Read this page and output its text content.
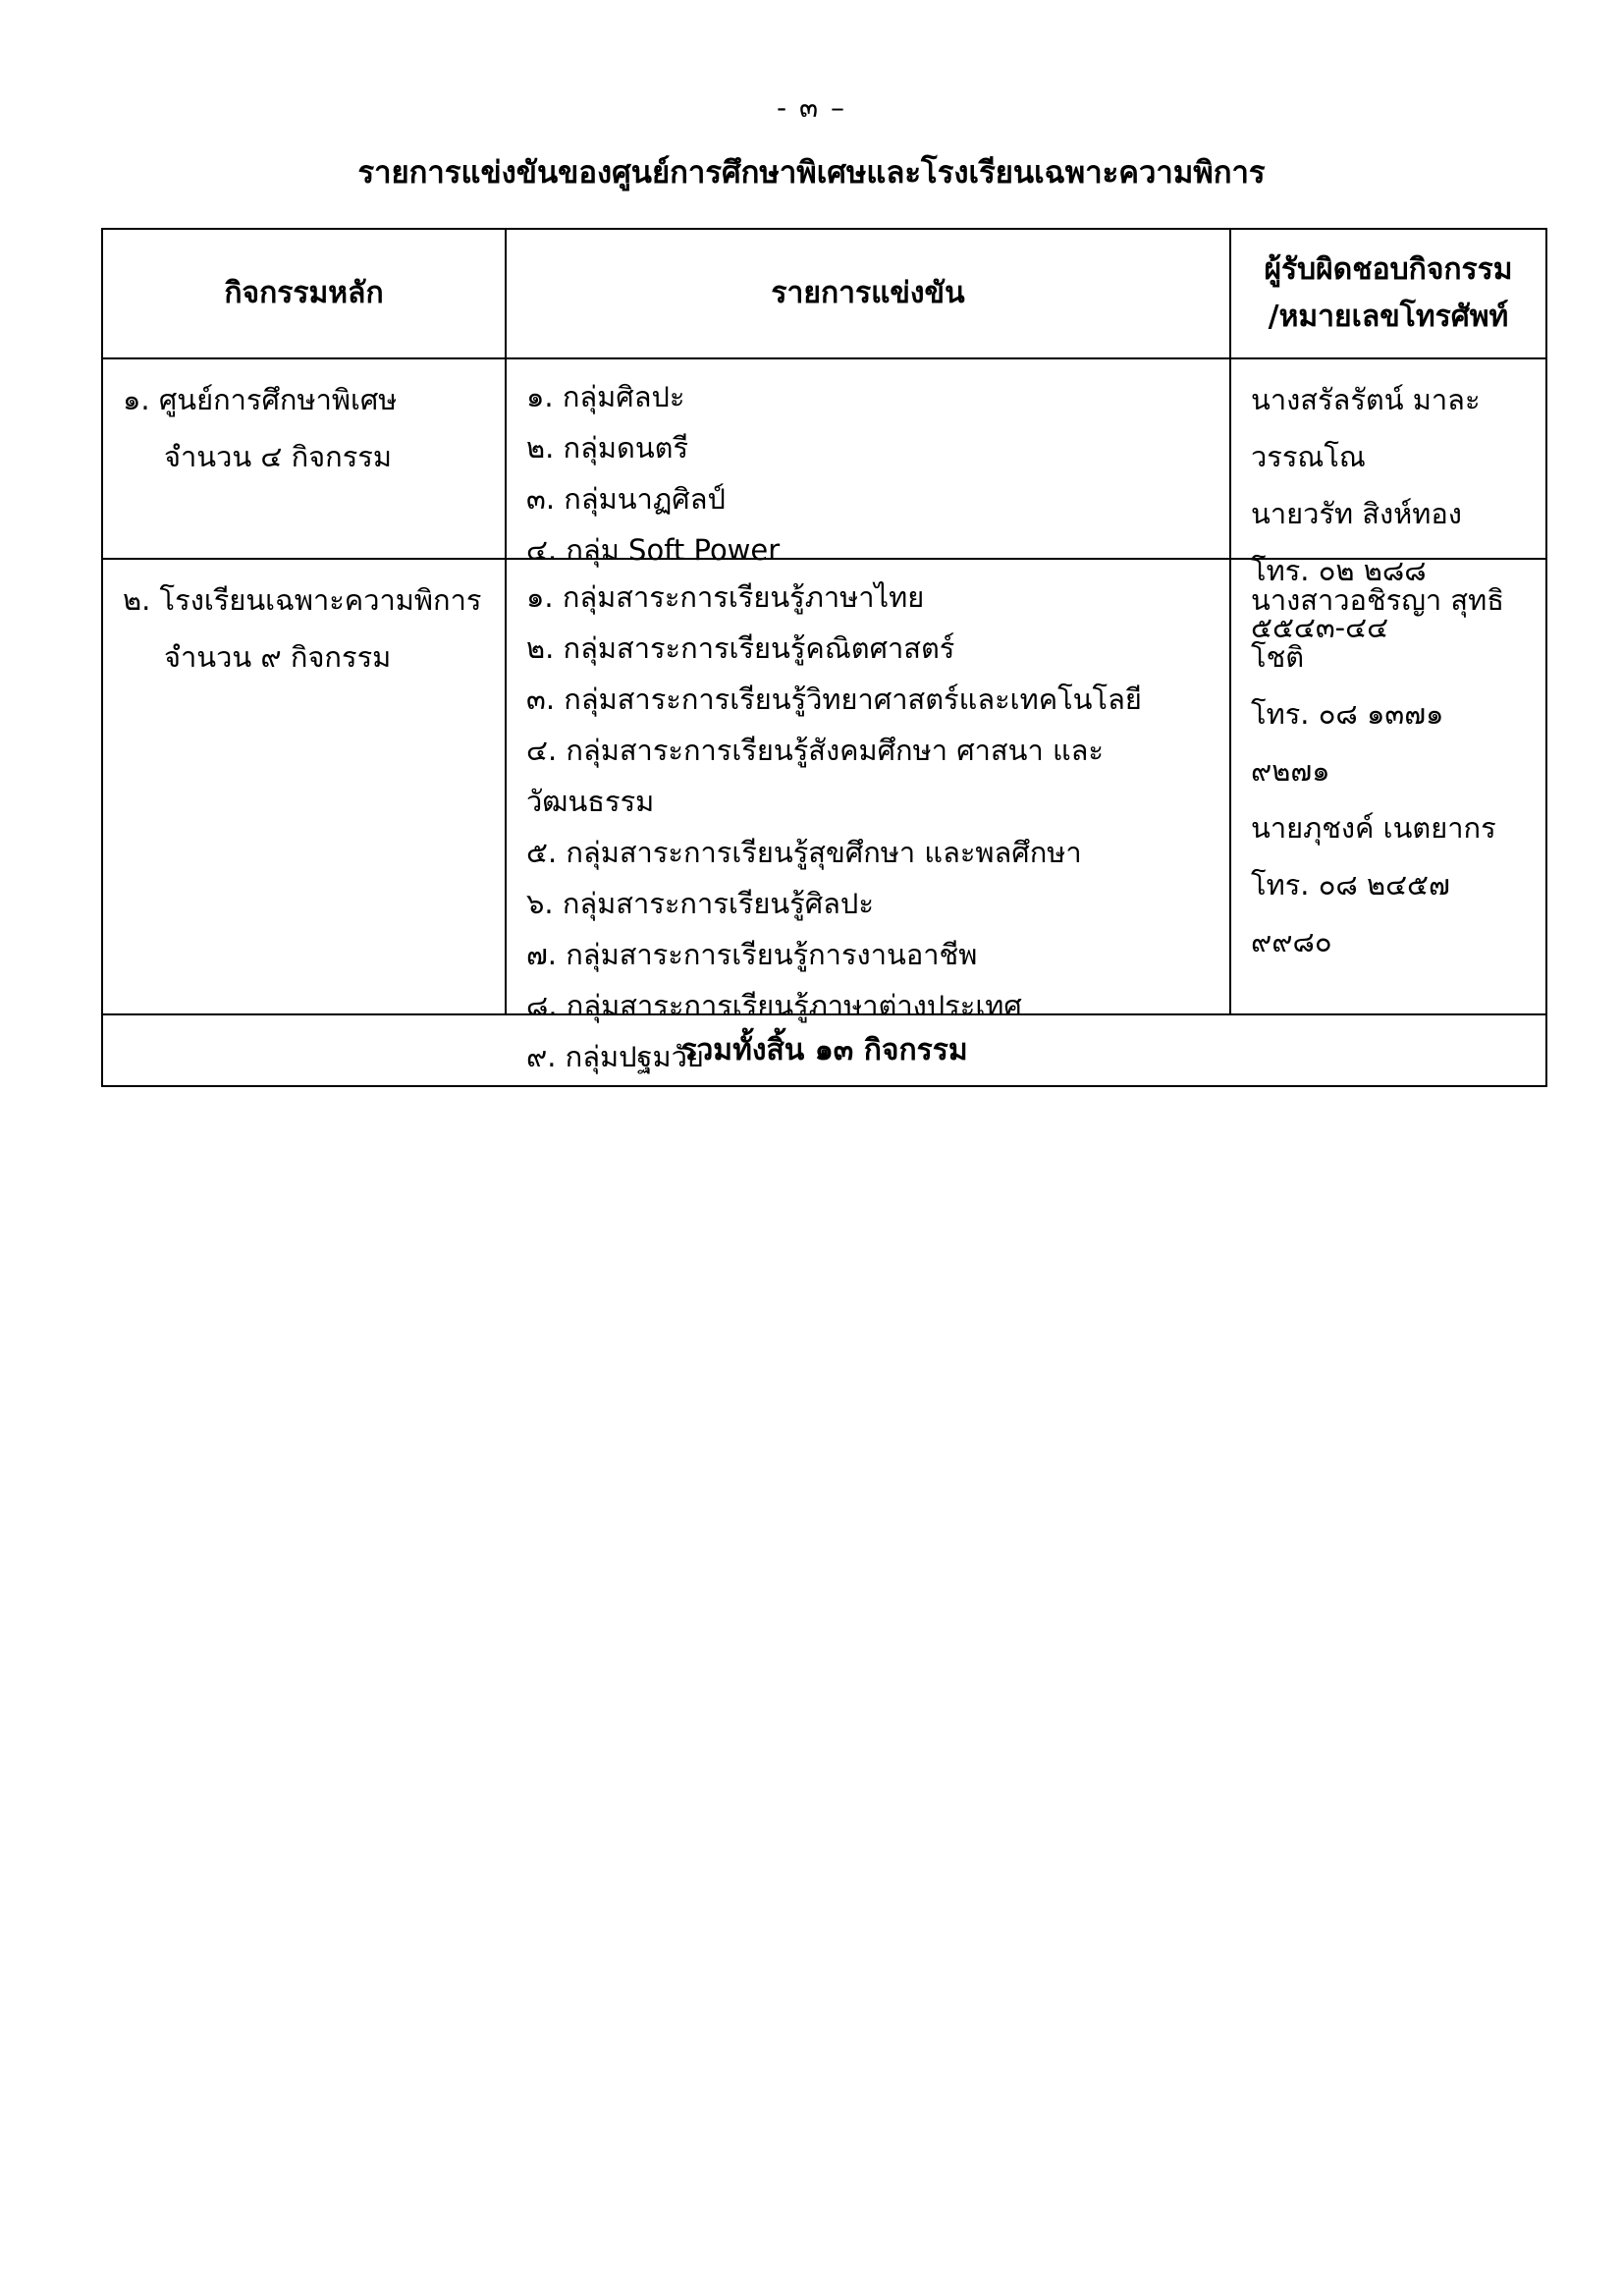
- ๓ –
รายการแข่งขันของศูนย์การศึกษาพิเศษและโรงเรียนเฉพาะความพิการ
กิจกรรมหลัก	รายการแข่งขัน
ผู้รับผิดชอบกิจกรรม
/หมายเลขโทรศัพท์
๑. ศูนย์การศึกษาพิเศษ
จำนวน ๔ กิจกรรม
๑. กลุ่มศิลปะ
๒. กลุ่มดนตรี
๓. กลุ่มนาฏศิลป์
๔. กลุ่ม Soft Power
นางสรัลรัตน์ มาละวรรณโณ
นายวรัท สิงห์ทอง
โทร. ๐๒ ๒๘๘ ๕๕๔๓-๔๔
๒. โรงเรียนเฉพาะความพิการ
จำนวน ๙ กิจกรรม
๑. กลุ่มสาระการเรียนรู้ภาษาไทย
๒. กลุ่มสาระการเรียนรู้คณิตศาสตร์
๓. กลุ่มสาระการเรียนรู้วิทยาศาสตร์และเทคโนโลยี
๔. กลุ่มสาระการเรียนรู้สังคมศึกษา ศาสนา และวัฒนธรรม
๕. กลุ่มสาระการเรียนรู้สุขศึกษา และพลศึกษา
๖. กลุ่มสาระการเรียนรู้ศิลปะ
๗. กลุ่มสาระการเรียนรู้การงานอาชีพ
๘. กลุ่มสาระการเรียนรู้ภาษาต่างประเทศ
๙. กลุ่มปฐมวัย
นางสาวอชิรญา สุทธิโชติ
โทร. ๐๘ ๑๓๗๑ ๙๒๗๑
นายภุชงค์ เนตยากร
โทร. ๐๘ ๒๔๕๗ ๙๙๘๐
รวมทั้งสิ้น ๑๓ กิจกรรม
